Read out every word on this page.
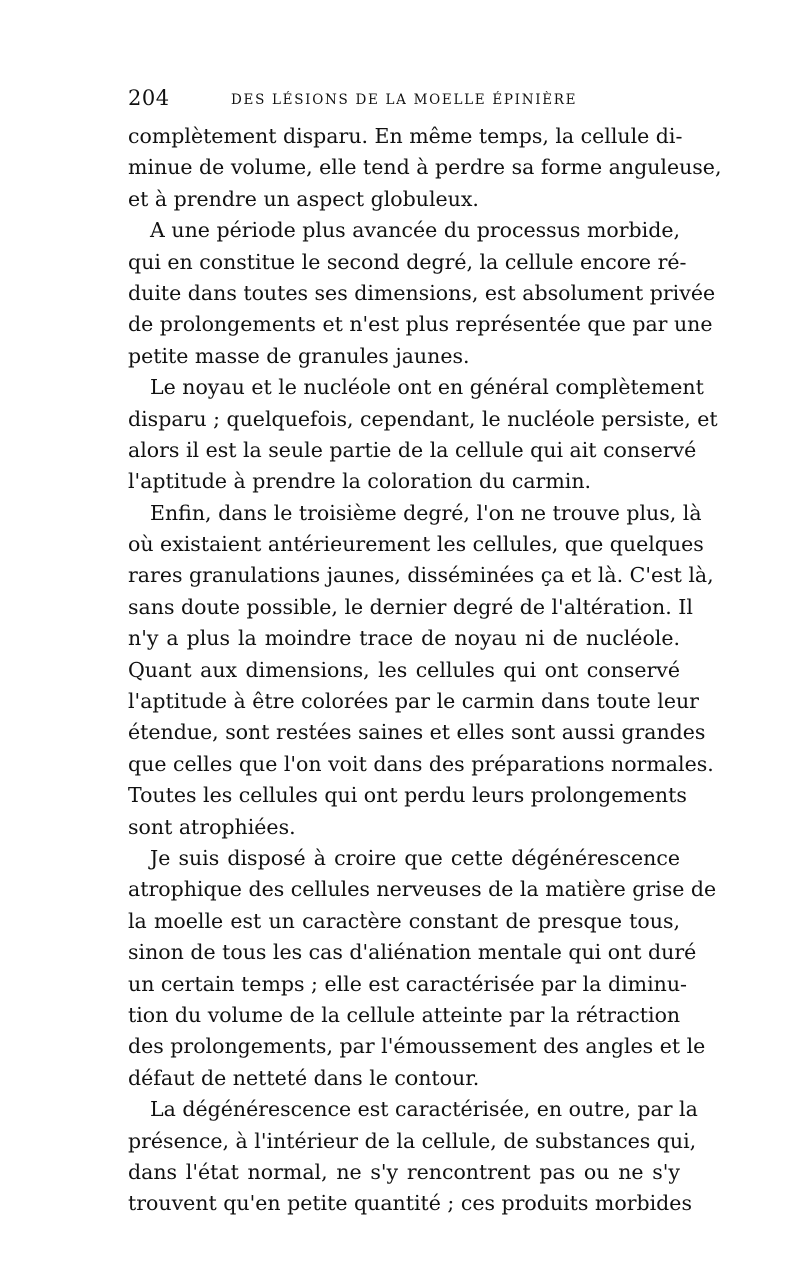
204	DES LÉSIONS DE LA MOELLE ÉPINIÈRE
complètement disparu. En même temps, la cellule di-
minue de volume, elle tend à perdre sa forme anguleuse,
et à prendre un aspect globuleux.
A une période plus avancée du processus morbide,
qui en constitue le second degré, la cellule encore ré-
duite dans toutes ses dimensions, est absolument privée
de prolongements et n'est plus représentée que par une
petite masse de granules jaunes.
Le noyau et le nucléole ont en général complètement
disparu ; quelquefois, cependant, le nucléole persiste, et
alors il est la seule partie de la cellule qui ait conservé
l'aptitude à prendre la coloration du carmin.
Enfin, dans le troisième degré, l'on ne trouve plus, là
où existaient antérieurement les cellules, que quelques
rares granulations jaunes, disséminées ça et là. C'est là,
sans doute possible, le dernier degré de l'altération. Il
n'y a plus la moindre trace de noyau ni de nucléole.
Quant aux dimensions, les cellules qui ont conservé
l'aptitude à être colorées par le carmin dans toute leur
étendue, sont restées saines et elles sont aussi grandes
que celles que l'on voit dans des préparations normales.
Toutes les cellules qui ont perdu leurs prolongements
sont atrophiées.
Je suis disposé à croire que cette dégénérescence
atrophique des cellules nerveuses de la matière grise de
la moelle est un caractère constant de presque tous,
sinon de tous les cas d'aliénation mentale qui ont duré
un certain temps ; elle est caractérisée par la diminu-
tion du volume de la cellule atteinte par la rétraction
des prolongements, par l'émoussement des angles et le
défaut de netteté dans le contour.
La dégénérescence est caractérisée, en outre, par la
présence, à l'intérieur de la cellule, de substances qui,
dans l'état normal, ne s'y rencontrent pas ou ne s'y
trouvent qu'en petite quantité ; ces produits morbides
